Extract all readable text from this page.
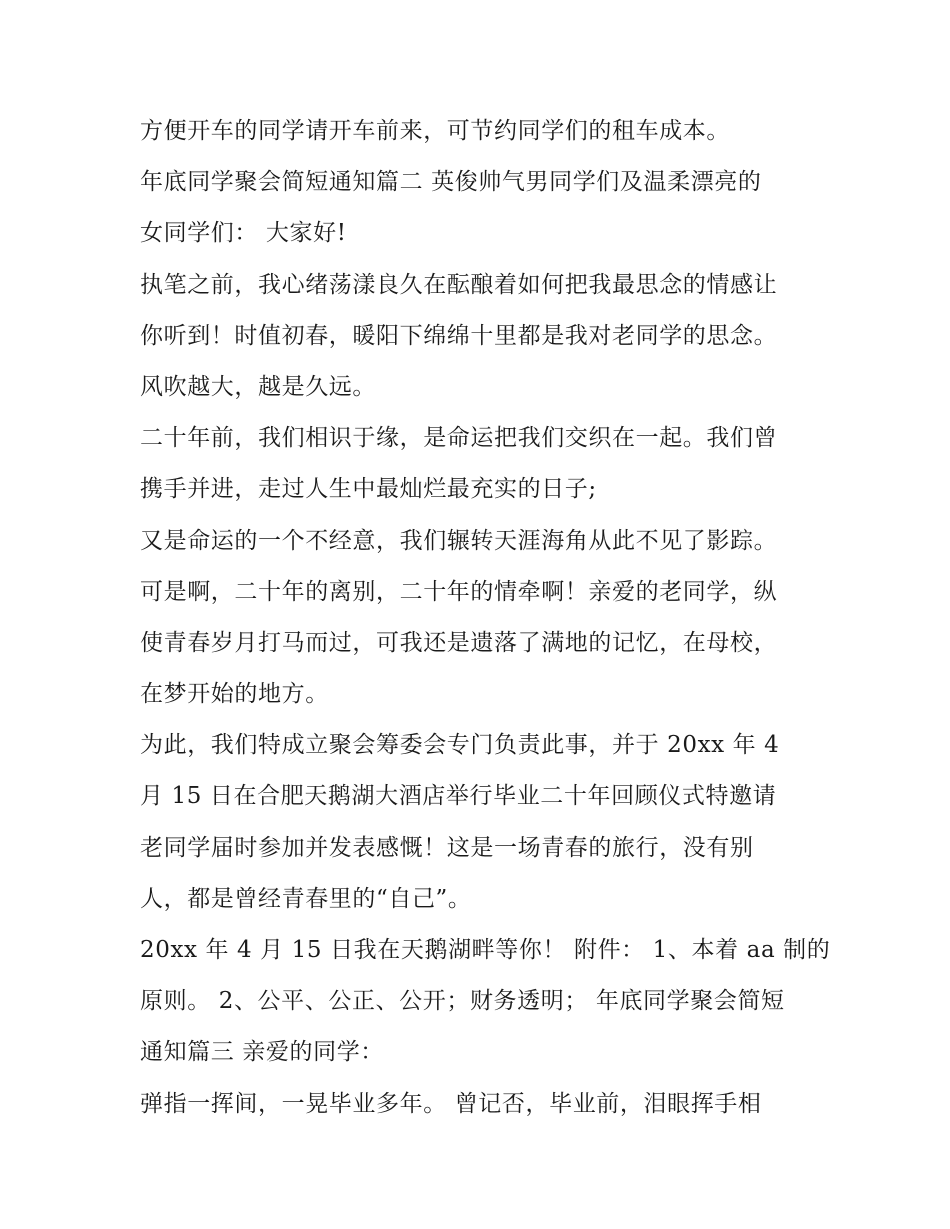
方便开车的同学请开车前来，可节约同学们的租车成本。
年底同学聚会简短通知篇二 英俊帅气男同学们及温柔漂亮的
女同学们： 大家好!
执笔之前，我心绪荡漾良久在酝酿着如何把我最思念的情感让
你听到！时值初春，暖阳下绵绵十里都是我对老同学的思念。
风吹越大，越是久远。
二十年前，我们相识于缘，是命运把我们交织在一起。我们曾
携手并进，走过人生中最灿烂最充实的日子;
又是命运的一个不经意，我们辗转天涯海角从此不见了影踪。
可是啊，二十年的离别，二十年的情牵啊！亲爱的老同学，纵
使青春岁月打马而过，可我还是遗落了满地的记忆，在母校，
在梦开始的地方。
为此，我们特成立聚会筹委会专门负责此事，并于 20xx 年 4
月 15 日在合肥天鹅湖大酒店举行毕业二十年回顾仪式特邀请
老同学届时参加并发表感慨！这是一场青春的旅行，没有别
人，都是曾经青春里的“自己”。
20xx 年 4 月 15 日我在天鹅湖畔等你！ 附件： 1、本着 aa 制的
原则。 2、公平、公正、公开；财务透明； 年底同学聚会简短
通知篇三 亲爱的同学：
弹指一挥间，一晃毕业多年。 曾记否，毕业前，泪眼挥手相
